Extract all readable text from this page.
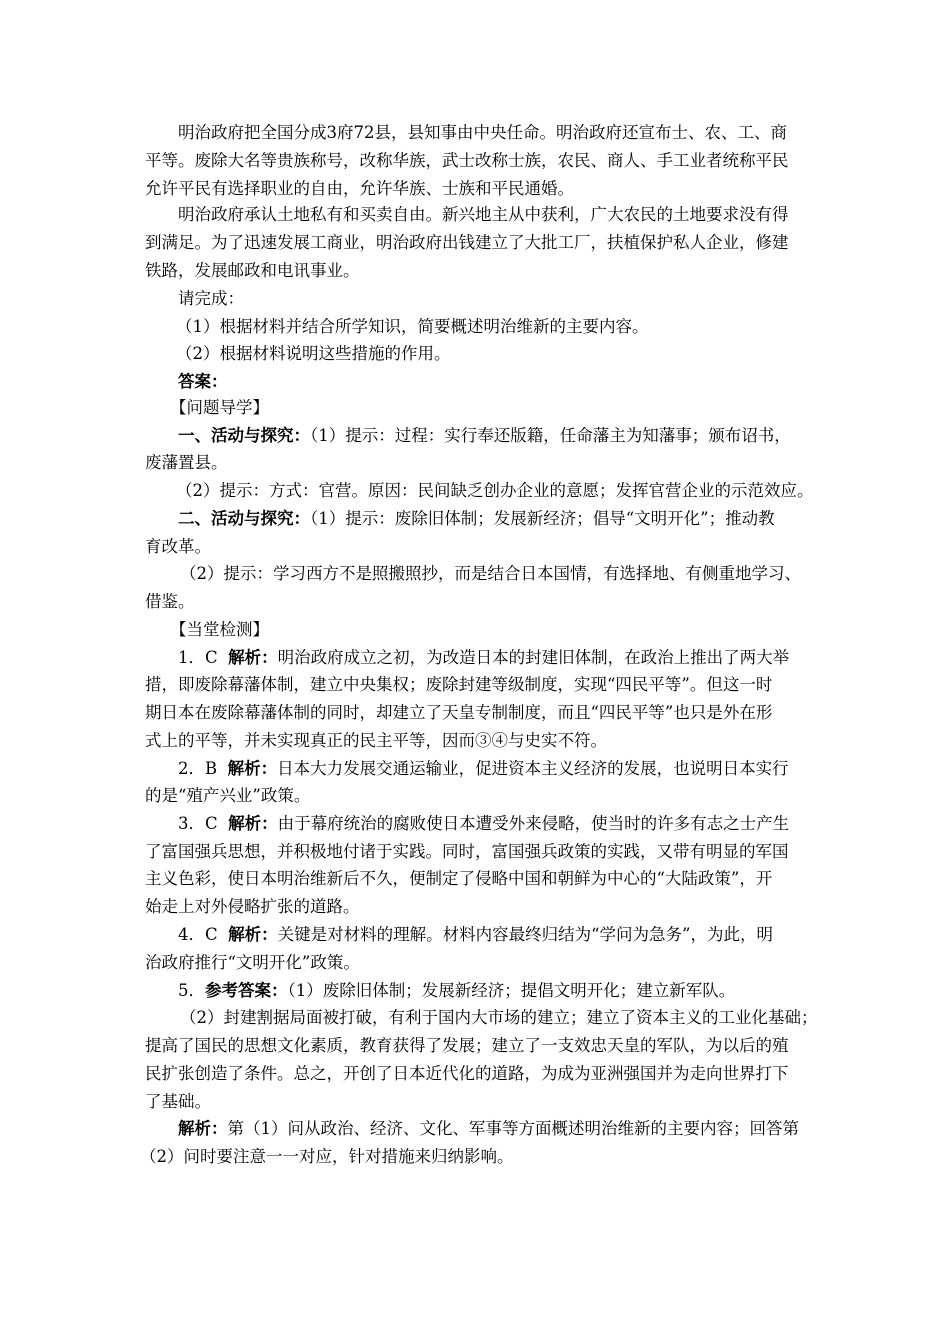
明治政府把全国分成3府72县，县知事由中央任命。明治政府还宣布士、农、工、商
平等。废除大名等贵族称号，改称华族，武士改称士族，农民、商人、手工业者统称平民
允许平民有选择职业的自由，允许华族、士族和平民通婚。
明治政府承认土地私有和买卖自由。新兴地主从中获利，广大农民的土地要求没有得
到满足。为了迅速发展工商业，明治政府出钱建立了大批工厂，扶植保护私人企业，修建
铁路，发展邮政和电讯事业。
请完成：
（1）根据材料并结合所学知识，简要概述明治维新的主要内容。
（2）根据材料说明这些措施的作用。
答案：
【问题导学】
一、活动与探究：（1）提示：过程：实行奉还版籍，任命藩主为知藩事；颁布诏书，
废藩置县。
（2）提示：方式：官营。原因：民间缺乏创办企业的意愿；发挥官营企业的示范效应。
二、活动与探究：（1）提示：废除旧体制；发展新经济；倡导“文明开化”；推动教
育改革。
（2）提示：学习西方不是照搬照抄，而是结合日本国情，有选择地、有侧重地学习、
借鉴。
【当堂检测】
1．C 解析：明治政府成立之初，为改造日本的封建旧体制，在政治上推出了两大举
措，即废除幕藩体制，建立中央集权；废除封建等级制度，实现“四民平等”。但这一时
期日本在废除幕藩体制的同时，却建立了天皇专制制度，而且“四民平等”也只是外在形
式上的平等，并未实现真正的民主平等，因而③④与史实不符。
2．B 解析：日本大力发展交通运输业，促进资本主义经济的发展，也说明日本实行
的是“殖产兴业”政策。
3．C 解析：由于幕府统治的腐败使日本遭受外来侵略，使当时的许多有志之士产生
了富国强兵思想，并积极地付诸于实践。同时，富国强兵政策的实践，又带有明显的军国
主义色彩，使日本明治维新后不久，便制定了侵略中国和朝鲜为中心的“大陆政策”，开
始走上对外侵略扩张的道路。
4．C 解析：关键是对材料的理解。材料内容最终归结为“学问为急务”，为此，明
治政府推行“文明开化”政策。
5．参考答案：（1）废除旧体制；发展新经济；提倡文明开化；建立新军队。
（2）封建割据局面被打破，有利于国内大市场的建立；建立了资本主义的工业化基础；
提高了国民的思想文化素质，教育获得了发展；建立了一支效忠天皇的军队，为以后的殖
民扩张创造了条件。总之，开创了日本近代化的道路，为成为亚洲强国并为走向世界打下
了基础。
解析：第（1）问从政治、经济、文化、军事等方面概述明治维新的主要内容；回答第
（2）问时要注意一一对应，针对措施来归纳影响。
